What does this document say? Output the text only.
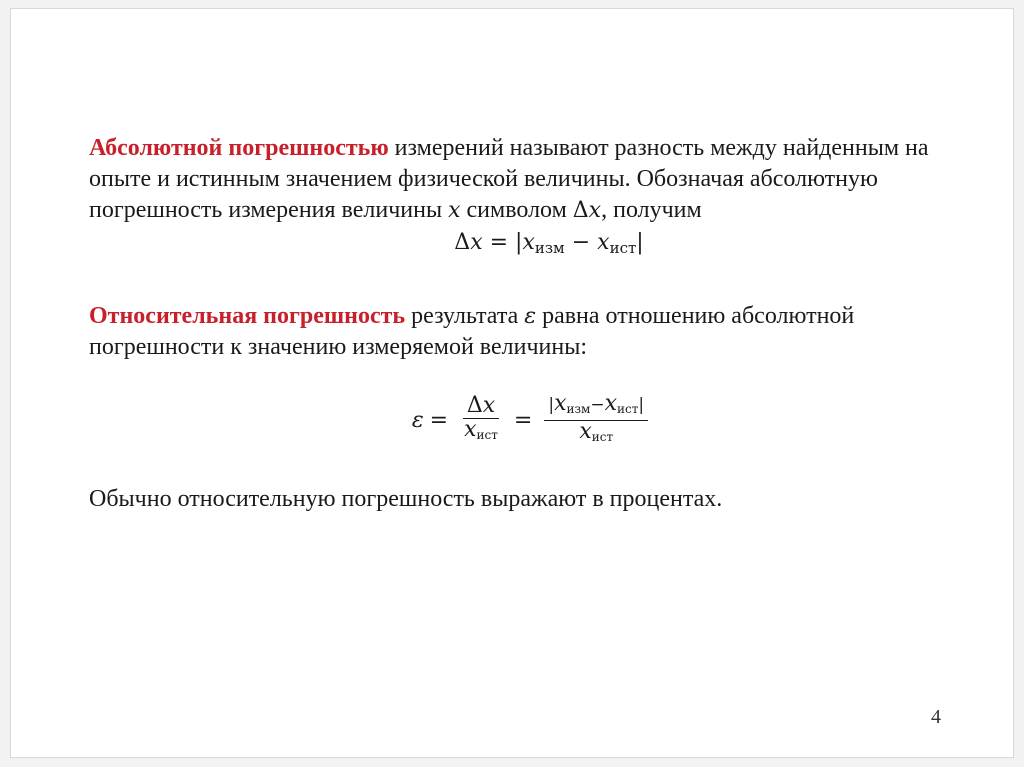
Абсолютной погрешностью измерений называют разность между найденным на опыте и истинным значением физической величины. Обозначая абсолютную погрешность измерения величины x символом Δx, получим

$\Delta x = |x_{изм} - x_{ист}|$

Относительная погрешность результата ε равна отношению абсолютной погрешности к значению измеряемой величины:

$\varepsilon = \frac{\Delta x}{x_{ист}} = \frac{|x_{изм}-x_{ист}|}{x_{ист}}$

Обычно относительную погрешность выражают в процентах.

4
